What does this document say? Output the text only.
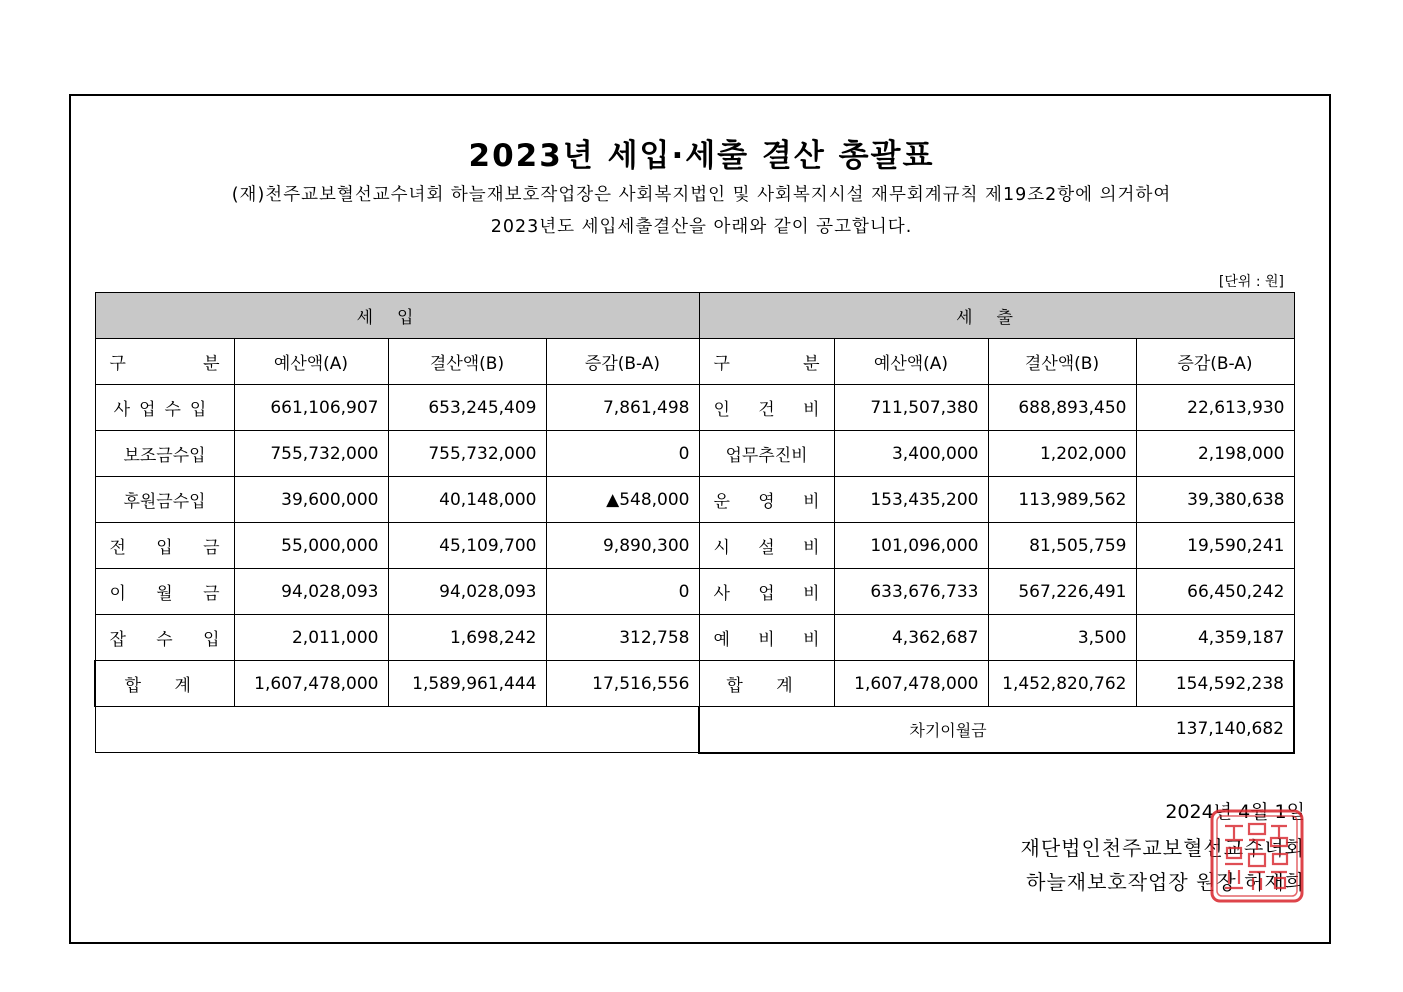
2023년 세입·세출 결산 총괄표
(재)천주교보혈선교수녀회 하늘재보호작업장은 사회복지법인 및 사회복지시설 재무회계규칙 제19조2항에 의거하여
2023년도 세입세출결산을 아래와 같이 공고합니다.
[단위 : 원]
세입				세출			

구 분	예산액(A)	결산액(B)	증감(B-A)	구 분	예산액(A)	결산액(B)	증감(B-A)
사업수입	661,106,907	653,245,409	7,861,498	인 건 비	711,507,380	688,893,450	22,613,930
보조금수입	755,732,000	755,732,000	0	업무추진비	3,400,000	1,202,000	2,198,000
후원금수입	39,600,000	40,148,000	▲548,000	운 영 비	153,435,200	113,989,562	39,380,638

전 입 금	55,000,000	45,109,700	9,890,300	시 설 비	101,096,000	81,505,759	19,590,241

이 월 금	94,028,093	94,028,093	0	사 업 비	633,676,733	567,226,491	66,450,242

잡 수 입	2,011,000	1,698,242	312,758	예 비 비	4,362,687	3,500	4,359,187
합 계	1,607,478,000	1,589,961,444	17,516,556	합 계	1,607,478,000	1,452,820,762	154,592,238
				차기이월금			137,140,682
2024년 4월 1일
재단법인천주교보혈선교수녀회
하늘재보호작업장 원장 허재희
